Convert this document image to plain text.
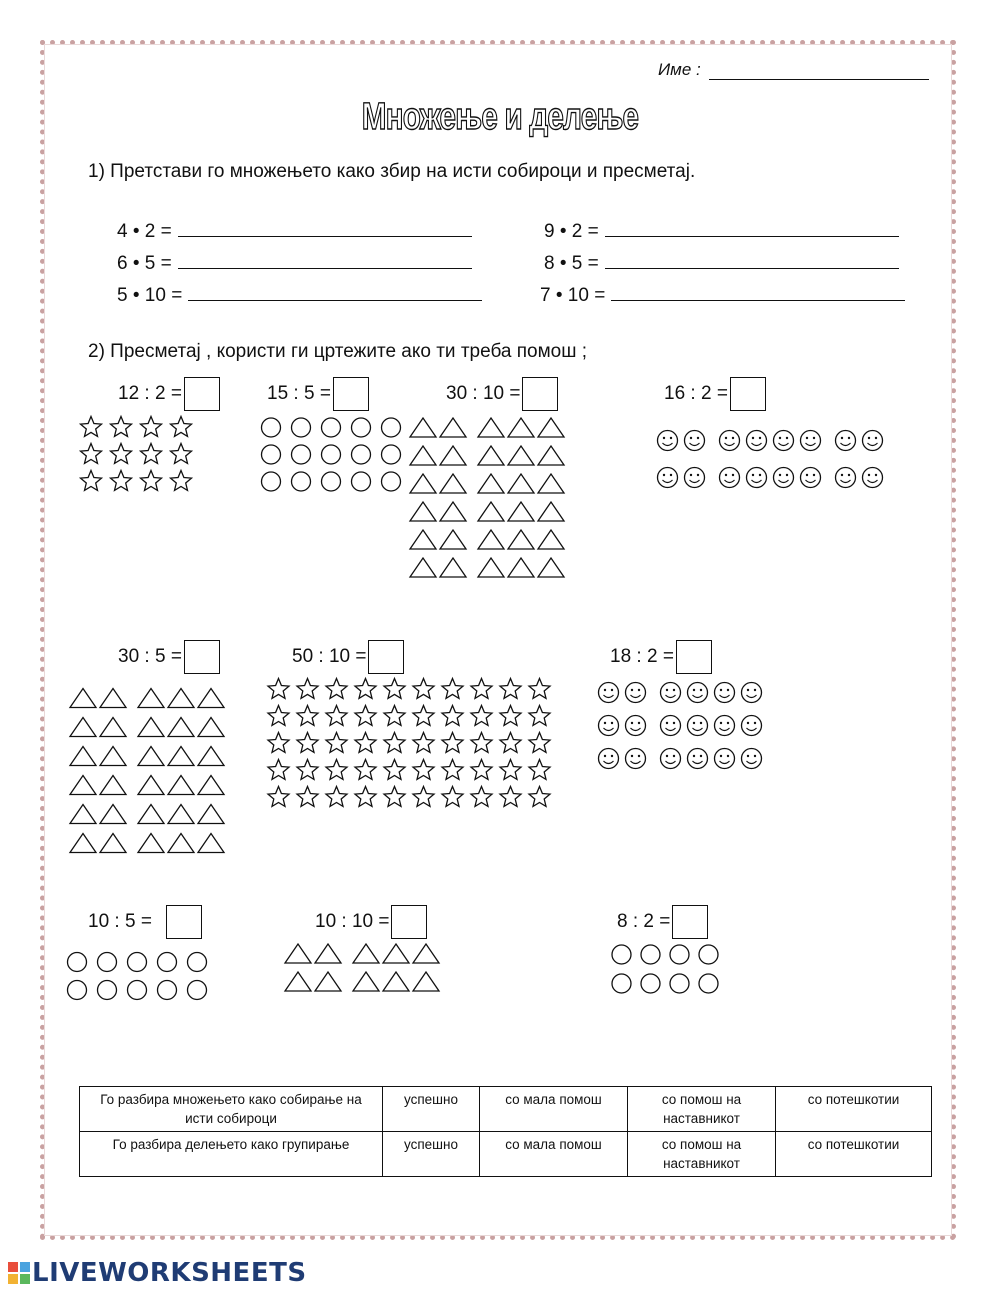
Име :
Множење и делење
1) Претстави го множењето како збир на исти собироци и пресметај.
4 • 2 =	9 • 2 =
6 • 5 =	8 • 5 =
5 • 10 =	7 • 10 =
2) Пресметај , користи ги цртежите ако ти треба помош ;
12 : 2 =	15 : 5 =	30 : 10 =	16 : 2 =
30 : 5 =	50 : 10 =	18 : 2 =
10 : 5 =	10 : 10 =	8 : 2 =
Го разбира множењето како собирање на исти собироци	успешно	со мала помош	со помош на наставникот	со потешкотии
Го разбира делењето како групирање	успешно	со мала помош	со помош на наставникот	со потешкотии
LIVEWORKSHEETS
